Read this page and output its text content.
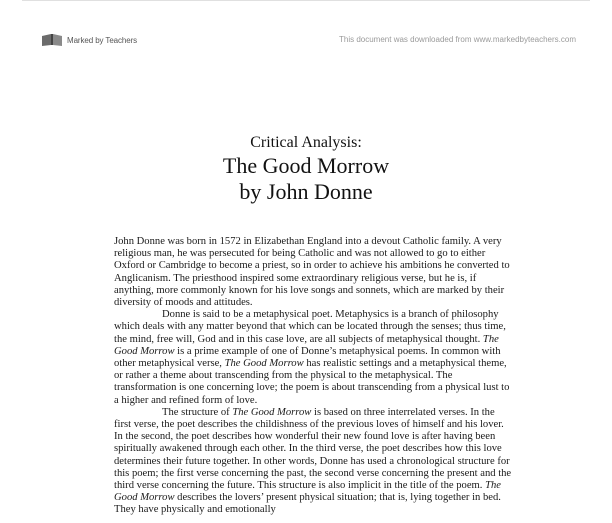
Marked by Teachers	This document was downloaded from www.markedbyteachers.com
Critical Analysis:
The Good Morrow
by John Donne

John Donne was born in 1572 in Elizabethan England into a devout Catholic family. A very religious man, he was persecuted for being Catholic and was not allowed to go to either Oxford or Cambridge to become a priest, so in order to achieve his ambitions he converted to Anglicanism. The priesthood inspired some extraordinary religious verse, but he is, if anything, more commonly known for his love songs and sonnets, which are marked by their diversity of moods and attitudes.

Donne is said to be a metaphysical poet. Metaphysics is a branch of philosophy which deals with any matter beyond that which can be located through the senses; thus time, the mind, free will, God and in this case love, are all subjects of metaphysical thought. The Good Morrow is a prime example of one of Donne’s metaphysical poems. In common with other metaphysical verse, The Good Morrow has realistic settings and a metaphysical theme, or rather a theme about transcending from the physical to the metaphysical. The transformation is one concerning love; the poem is about transcending from a physical lust to a higher and refined form of love.

The structure of The Good Morrow is based on three interrelated verses. In the first verse, the poet describes the childishness of the previous loves of himself and his lover. In the second, the poet describes how wonderful their new found love is after having been spiritually awakened through each other. In the third verse, the poet describes how this love determines their future together. In other words, Donne has used a chronological structure for this poem; the first verse concerning the past, the second verse concerning the present and the third verse concerning the future. This structure is also implicit in the title of the poem. The Good Morrow describes the lovers’ present physical situation; that is, lying together in bed. They have physically and emotionally
